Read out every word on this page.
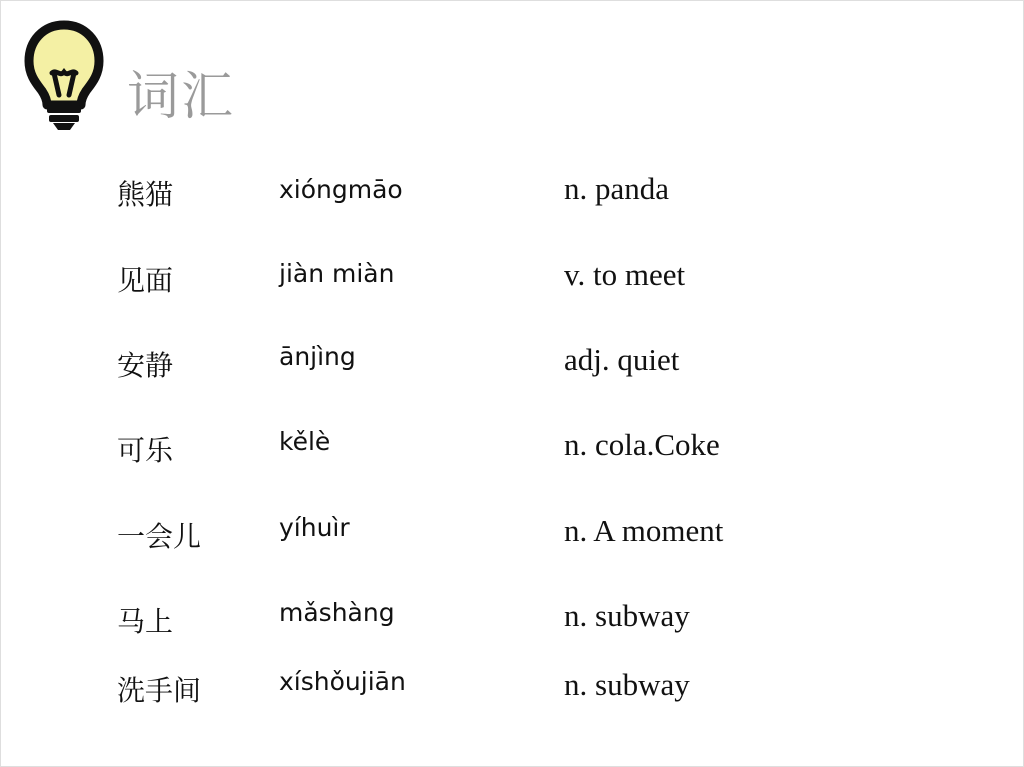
词汇
熊猫	xióngmāo	n. panda
见面	jiàn miàn	v. to meet
安静	ānjìng	adj. quiet
可乐	kělè	n. cola.Coke
一会儿	yíhuìr	n. A moment
马上	mǎshàng	n. subway
洗手间	xíshǒujiān	n. subway
